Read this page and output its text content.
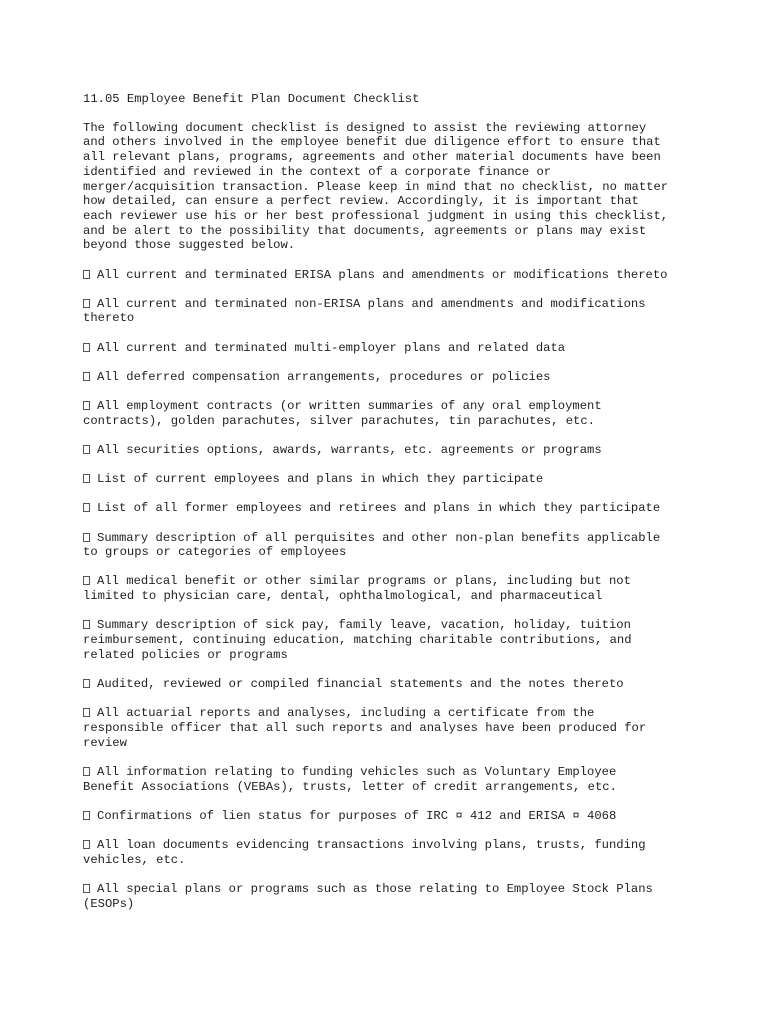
11.05 Employee Benefit Plan Document Checklist
The following document checklist is designed to assist the reviewing attorney
and others involved in the employee benefit due diligence effort to ensure that
all relevant plans, programs, agreements and other material documents have been
identified and reviewed in the context of a corporate finance or
merger/acquisition transaction. Please keep in mind that no checklist, no matter
how detailed, can ensure a perfect review. Accordingly, it is important that
each reviewer use his or her best professional judgment in using this checklist,
and be alert to the possibility that documents, agreements or plans may exist
beyond those suggested below.
All current and terminated ERISA plans and amendments or modifications thereto
All current and terminated non-ERISA plans and amendments and modifications
thereto
All current and terminated multi-employer plans and related data
All deferred compensation arrangements, procedures or policies
All employment contracts (or written summaries of any oral employment
contracts), golden parachutes, silver parachutes, tin parachutes, etc.
All securities options, awards, warrants, etc. agreements or programs
List of current employees and plans in which they participate
List of all former employees and retirees and plans in which they participate
Summary description of all perquisites and other non-plan benefits applicable
to groups or categories of employees
All medical benefit or other similar programs or plans, including but not
limited to physician care, dental, ophthalmological, and pharmaceutical
Summary description of sick pay, family leave, vacation, holiday, tuition
reimbursement, continuing education, matching charitable contributions, and
related policies or programs
Audited, reviewed or compiled financial statements and the notes thereto
All actuarial reports and analyses, including a certificate from the
responsible officer that all such reports and analyses have been produced for
review
All information relating to funding vehicles such as Voluntary Employee
Benefit Associations (VEBAs), trusts, letter of credit arrangements, etc.
Confirmations of lien status for purposes of IRC ¤ 412 and ERISA ¤ 4068
All loan documents evidencing transactions involving plans, trusts, funding
vehicles, etc.
All special plans or programs such as those relating to Employee Stock Plans
(ESOPs)
